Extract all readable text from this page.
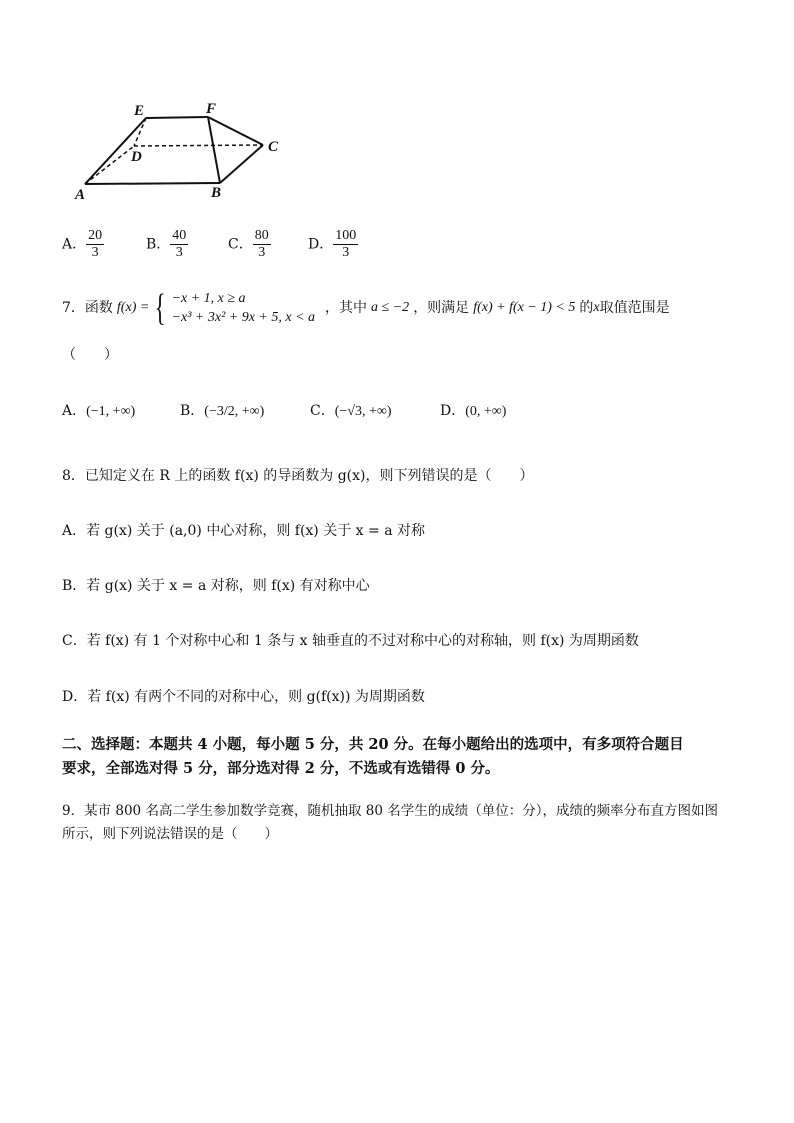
E	F
D
C
A	B
A． $\frac{20}{3}$	B． $\frac{40}{3}$	C． $\frac{80}{3}$	D． $\frac{100}{3}$
7．函数 f(x) = { −x + 1, x ≥ a
−x³ + 3x² + 9x + 5, x < a
，其中 a ≤ −2 ，则满足 f(x) + f(x − 1) < 5 的 x 取值范围是
（　　）
A．(−1, +∞)	B．(−3/2, +∞)	C．(−√3, +∞)	D．(0, +∞)
8．已知定义在 R 上的函数 f(x) 的导函数为 g(x)，则下列错误的是（　　）
A．若 g(x) 关于 (a,0) 中心对称，则 f(x) 关于 x = a 对称
B．若 g(x) 关于 x = a 对称，则 f(x) 有对称中心
C．若 f(x) 有 1 个对称中心和 1 条与 x 轴垂直的不过对称中心的对称轴，则 f(x) 为周期函数
D．若 f(x) 有两个不同的对称中心，则 g(f(x)) 为周期函数
二、选择题：本题共 4 小题，每小题 5 分，共 20 分。在每小题给出的选项中，有多项符合题目
要求，全部选对得 5 分，部分选对得 2 分，不选或有选错得 0 分。
9．某市 800 名高二学生参加数学竞赛，随机抽取 80 名学生的成绩（单位：分），成绩的频率分布直方图如图
所示，则下列说法错误的是（　　）
